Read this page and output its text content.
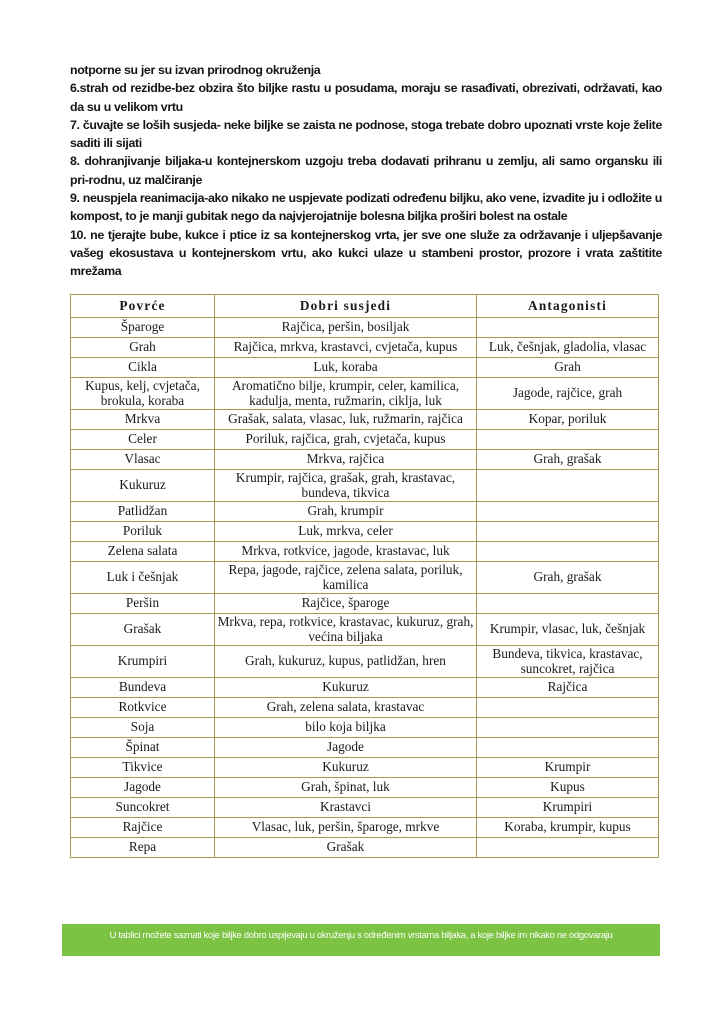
notporne su jer su izvan prirodnog okruženja

6.strah od rezidbe-bez obzira što biljke rastu u posudama, moraju se rasađivati, obrezivati, održavati, kao da su u velikom vrtu

7. čuvajte se loših susjeda- neke biljke se zaista ne podnose, stoga trebate dobro upoznati vrste koje želite saditi ili sijati

8. dohranjivanje biljaka-u kontejnerskom uzgoju treba dodavati prihranu u zemlju, ali samo organsku ili pri-rodnu, uz malčiranje

9. neuspjela reanimacija-ako nikako ne uspjevate podizati određenu biljku, ako vene, izvadite ju i odložite u kompost, to je manji gubitak nego da najvjerojatnije bolesna biljka proširi bolest na ostale

10. ne tjerajte bube, kukce i ptice iz sa kontejnerskog vrta, jer sve one služe za održavanje i uljepšavanje vašeg ekosustava u kontejnerskom vrtu, ako kukci ulaze u stambeni prostor, prozore i vrata zaštitite mrežama

Povrće	Dobri susjedi	Antagonisti
Šparoge	Rajčica, peršin, bosiljak	
Grah	Rajčica, mrkva, krastavci, cvjetača, kupus	Luk, češnjak, gladolia, vlasac
Cikla	Luk, koraba	Grah
Kupus, kelj, cvjetača, brokula, koraba	Aromatično bilje, krumpir, celer, kamilica, kadulja, menta, ružmarin, ciklja, luk	Jagode, rajčice, grah
Mrkva	Grašak, salata, vlasac, luk, ružmarin, rajčica	Kopar, poriluk
Celer	Poriluk, rajčica, grah, cvjetača, kupus	
Vlasac	Mrkva, rajčica	Grah, grašak
Kukuruz	Krumpir, rajčica, grašak, grah, krastavac, bundeva, tikvica	
Patlidžan	Grah, krumpir	
Poriluk	Luk, mrkva, celer	
Zelena salata	Mrkva, rotkvice, jagode, krastavac, luk	
Luk i češnjak	Repa, jagode, rajčice, zelena salata, poriluk, kamilica	Grah, grašak
Peršin	Rajčice, šparoge	
Grašak	Mrkva, repa, rotkvice, krastavac, kukuruz, grah, većina biljaka	Krumpir, vlasac, luk, češnjak
Krumpiri	Grah, kukuruz, kupus, patlidžan, hren	Bundeva, tikvica, krastavac, suncokret, rajčica
Bundeva	Kukuruz	Rajčica
Rotkvice	Grah, zelena salata, krastavac	
Soja	bilo koja biljka	
Špinat	Jagode	
Tikvice	Kukuruz	Krumpir
Jagode	Grah, špinat, luk	Kupus
Suncokret	Krastavci	Krumpiri
Rajčice	Vlasac, luk, peršin, šparoge, mrkve	Koraba, krumpir, kupus
Repa	Grašak	
U tablici možete saznati koje biljke dobro uspijevaju u okruženju s određenim vrstama biljaka, a koje biljke im nikako ne odgovaraju
